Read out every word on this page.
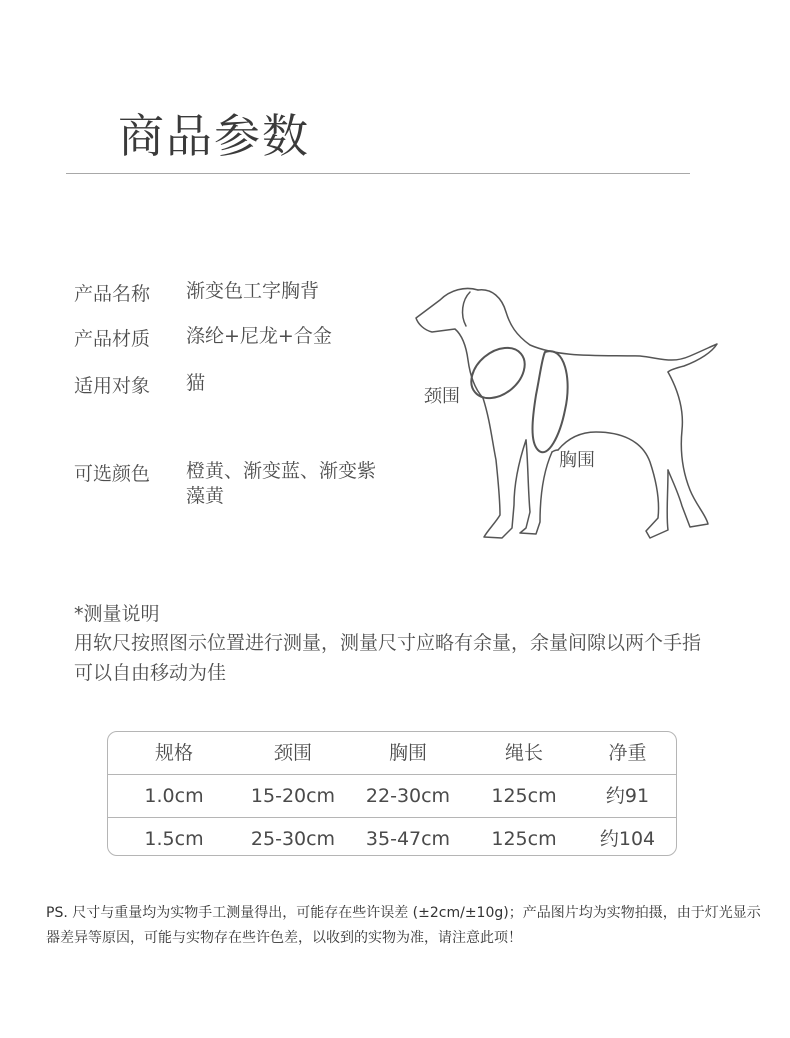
商品参数
产品名称 渐变色工字胸背
产品材质 涤纶+尼龙+合金
适用对象 猫
可选颜色 橙黄、渐变蓝、渐变紫
藻黄
颈围
胸围
*测量说明
用软尺按照图示位置进行测量，测量尺寸应略有余量，余量间隙以两个手指可以自由移动为佳
规格	颈围	胸围	绳长	净重
1.0cm	15-20cm	22-30cm	125cm	约91
1.5cm	25-30cm	35-47cm	125cm	约104
PS. 尺寸与重量均为实物手工测量得出，可能存在些许误差 (±2cm/±10g)；产品图片均为实物拍摄，由于灯光显示器差异等原因，可能与实物存在些许色差，以收到的实物为准，请注意此项！
